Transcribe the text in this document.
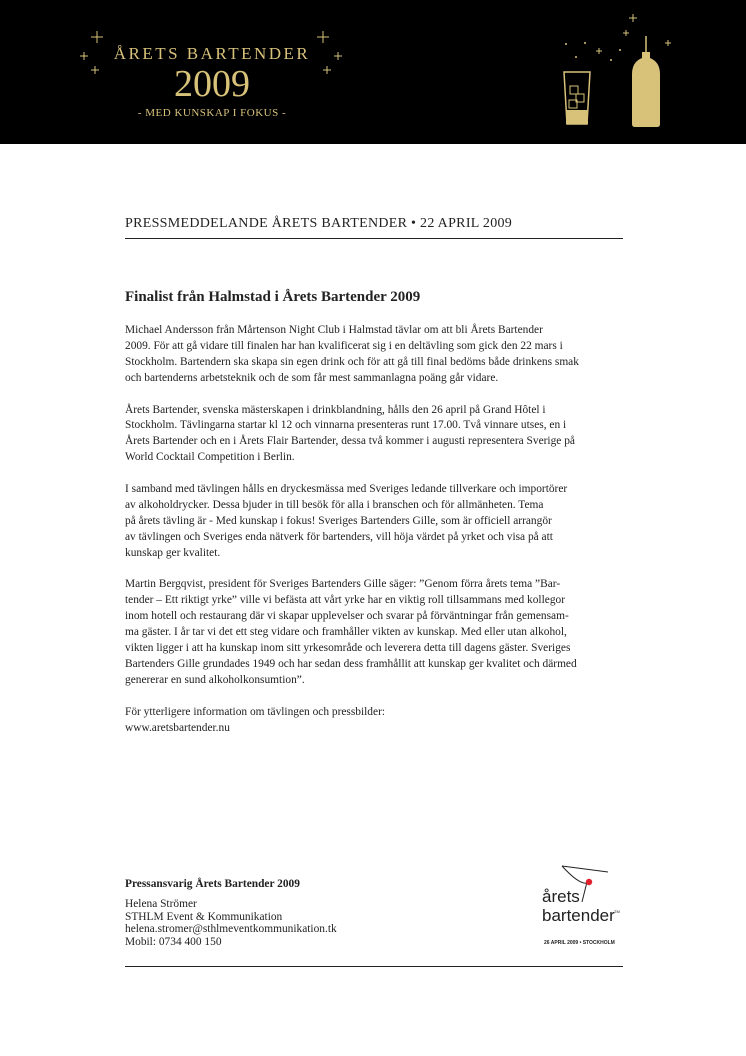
ÅRETS BARTENDER
2009
- MED KUNSKAP I FOKUS -
PRESSMEDDELANDE ÅRETS BARTENDER • 22 APRIL 2009
Finalist från Halmstad i Årets Bartender 2009

Michael Andersson från Mårtenson Night Club i Halmstad tävlar om att bli Årets Bartender
2009. För att gå vidare till finalen har han kvalificerat sig i en deltävling som gick den 22 mars i
Stockholm. Bartendern ska skapa sin egen drink och för att gå till final bedöms både drinkens smak
och bartenderns arbetsteknik och de som får mest sammanlagna poäng går vidare.

Årets Bartender, svenska mästerskapen i drinkblandning, hålls den 26 april på Grand Hôtel i
Stockholm. Tävlingarna startar kl 12 och vinnarna presenteras runt 17.00. Två vinnare utses, en i
Årets Bartender och en i Årets Flair Bartender, dessa två kommer i augusti representera Sverige på
World Cocktail Competition i Berlin.

I samband med tävlingen hålls en dryckesmässa med Sveriges ledande tillverkare och importörer
av alkoholdrycker. Dessa bjuder in till besök för alla i branschen och för allmänheten. Tema
på årets tävling är - Med kunskap i fokus! Sveriges Bartenders Gille, som är officiell arrangör
av tävlingen och Sveriges enda nätverk för bartenders, vill höja värdet på yrket och visa på att
kunskap ger kvalitet.

Martin Bergqvist, president för Sveriges Bartenders Gille säger: ”Genom förra årets tema ”Bar-
tender – Ett riktigt yrke” ville vi befästa att vårt yrke har en viktig roll tillsammans med kollegor
inom hotell och restaurang där vi skapar upplevelser och svarar på förväntningar från gemensam-
ma gäster. I år tar vi det ett steg vidare och framhåller vikten av kunskap. Med eller utan alkohol,
vikten ligger i att ha kunskap inom sitt yrkesområde och leverera detta till dagens gäster. Sveriges
Bartenders Gille grundades 1949 och har sedan dess framhållit att kunskap ger kvalitet och därmed
genererar en sund alkoholkonsumtion”.

För ytterligere information om tävlingen och pressbilder:
www.aretsbartender.nu

Pressansvarig Årets Bartender 2009
Helena Strömer
STHLM Event & Kommunikation
helena.stromer@sthlmeventkommunikation.tk
Mobil: 0734 400 150
årets
bartender TM
26 APRIL 2009 • STOCKHOLM
